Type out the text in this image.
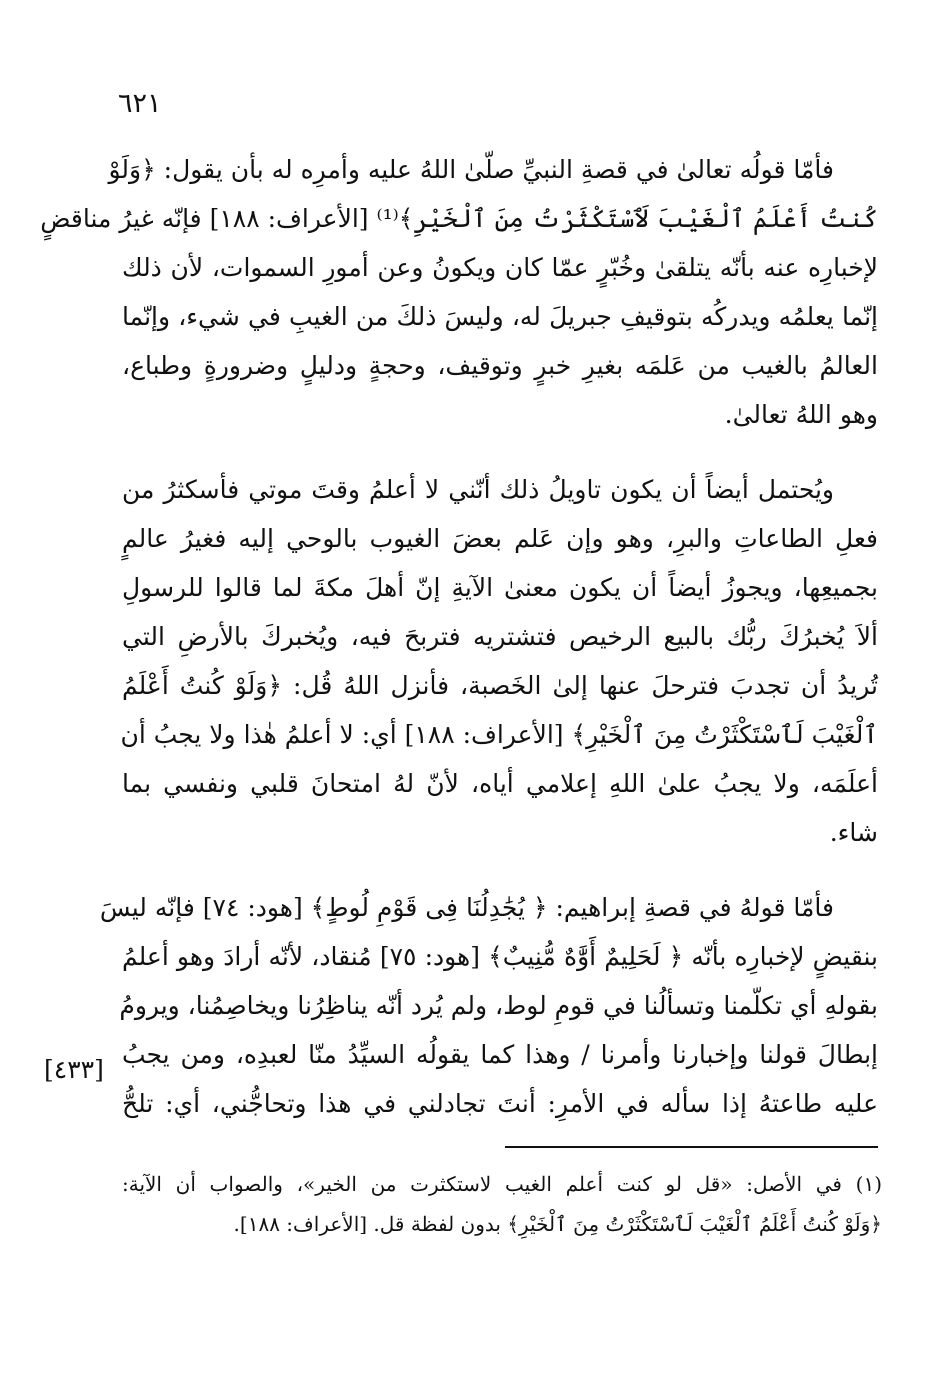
٦٢١
فأمّا قولُه تعالىٰ في قصةِ النبيِّ صلّىٰ اللهُ عليه وأمرِه له بأن يقول: ﴿وَلَوْ
كُنتُ أَعْلَمُ ٱلْغَيْبَ لَٱسْتَكْثَرْتُ مِنَ ٱلْخَيْرِ﴾⁽¹⁾ [الأعراف: ١٨٨] فإنّه غيرُ مناقضٍ
لإخبارِه عنه بأنّه يتلقىٰ وخُبّرٍ عمّا كان ويكونُ وعن أمورِ السموات، لأن ذلك
إنّما يعلمُه ويدركُه بتوقيفِ جبريلَ له، وليسَ ذلكَ من الغيبِ في شيء، وإنّما
العالمُ بالغيب من عَلمَه بغيرِ خبرٍ وتوقيف، وحجةٍ ودليلٍ وضرورةٍ وطباع،
وهو اللهُ تعالىٰ.
ويُحتمل أيضاً أن يكون تاويلُ ذلك أنّني لا أعلمُ وقتَ موتي فأسكثرُ من
فعلِ الطاعاتِ والبرِ، وهو وإن عَلم بعضَ الغيوب بالوحي إليه فغيرُ عالمٍ
بجميعِها، ويجوزُ أيضاً أن يكون معنىٰ الآيةِ إنّ أهلَ مكةَ لما قالوا للرسولِ
ألاَ يُخبرُكَ ربُّك بالبيع الرخيص فتشتريه فتربحَ فيه، ويُخبركَ بالأرضِ التي
تُريدُ أن تجدبَ فترحلَ عنها إلىٰ الخَصبة، فأنزل اللهُ قُل: ﴿وَلَوْ كُنتُ أَعْلَمُ
ٱلْغَيْبَ لَٱسْتَكْثَرْتُ مِنَ ٱلْخَيْرِ﴾ [الأعراف: ١٨٨] أي: لا أعلمُ هٰذا ولا يجبُ أن
أعلَمَه، ولا يجبُ علىٰ اللهِ إعلامي أياه، لأنّ لهُ امتحانَ قلبي ونفسي بما
شاء.
فأمّا قولهُ في قصةِ إبراهيم: ﴿ يُجَٰدِلُنَا فِى قَوْمِ لُوطٍ﴾ [هود: ٧٤] فإنّه ليسَ
بنقيضٍ لإخبارِه بأنّه ﴿ لَحَلِيمٌ أَوَّٰهٌ مُّنِيبٌ﴾ [هود: ٧٥] مُنقاد، لأنّه أرادَ وهو أعلمُ
بقولهِ أي تكلّمنا وتسألُنا في قومِ لوط، ولم يُرد أنّه يناظِرُنا ويخاصِمُنا، ويرومُ
إبطالَ قولنا وإخبارنا وأمرنا / وهذا كما يقولُه السيِّدُ منّا لعبدِه، ومن يجبُ
عليه طاعتهُ إذا سأله في الأمرِ: أنتَ تجادلني في هذا وتحاجُّني، أي: تلحُّ
[٤٣٣]
(١) في الأصل: «قل لو كنت أعلم الغيب لاستكثرت من الخير»، والصواب أن الآية:
﴿وَلَوْ كُنتُ أَعْلَمُ ٱلْغَيْبَ لَٱسْتَكْثَرْتُ مِنَ ٱلْخَيْرِ﴾ بدون لفظة قل. [الأعراف: ١٨٨].
